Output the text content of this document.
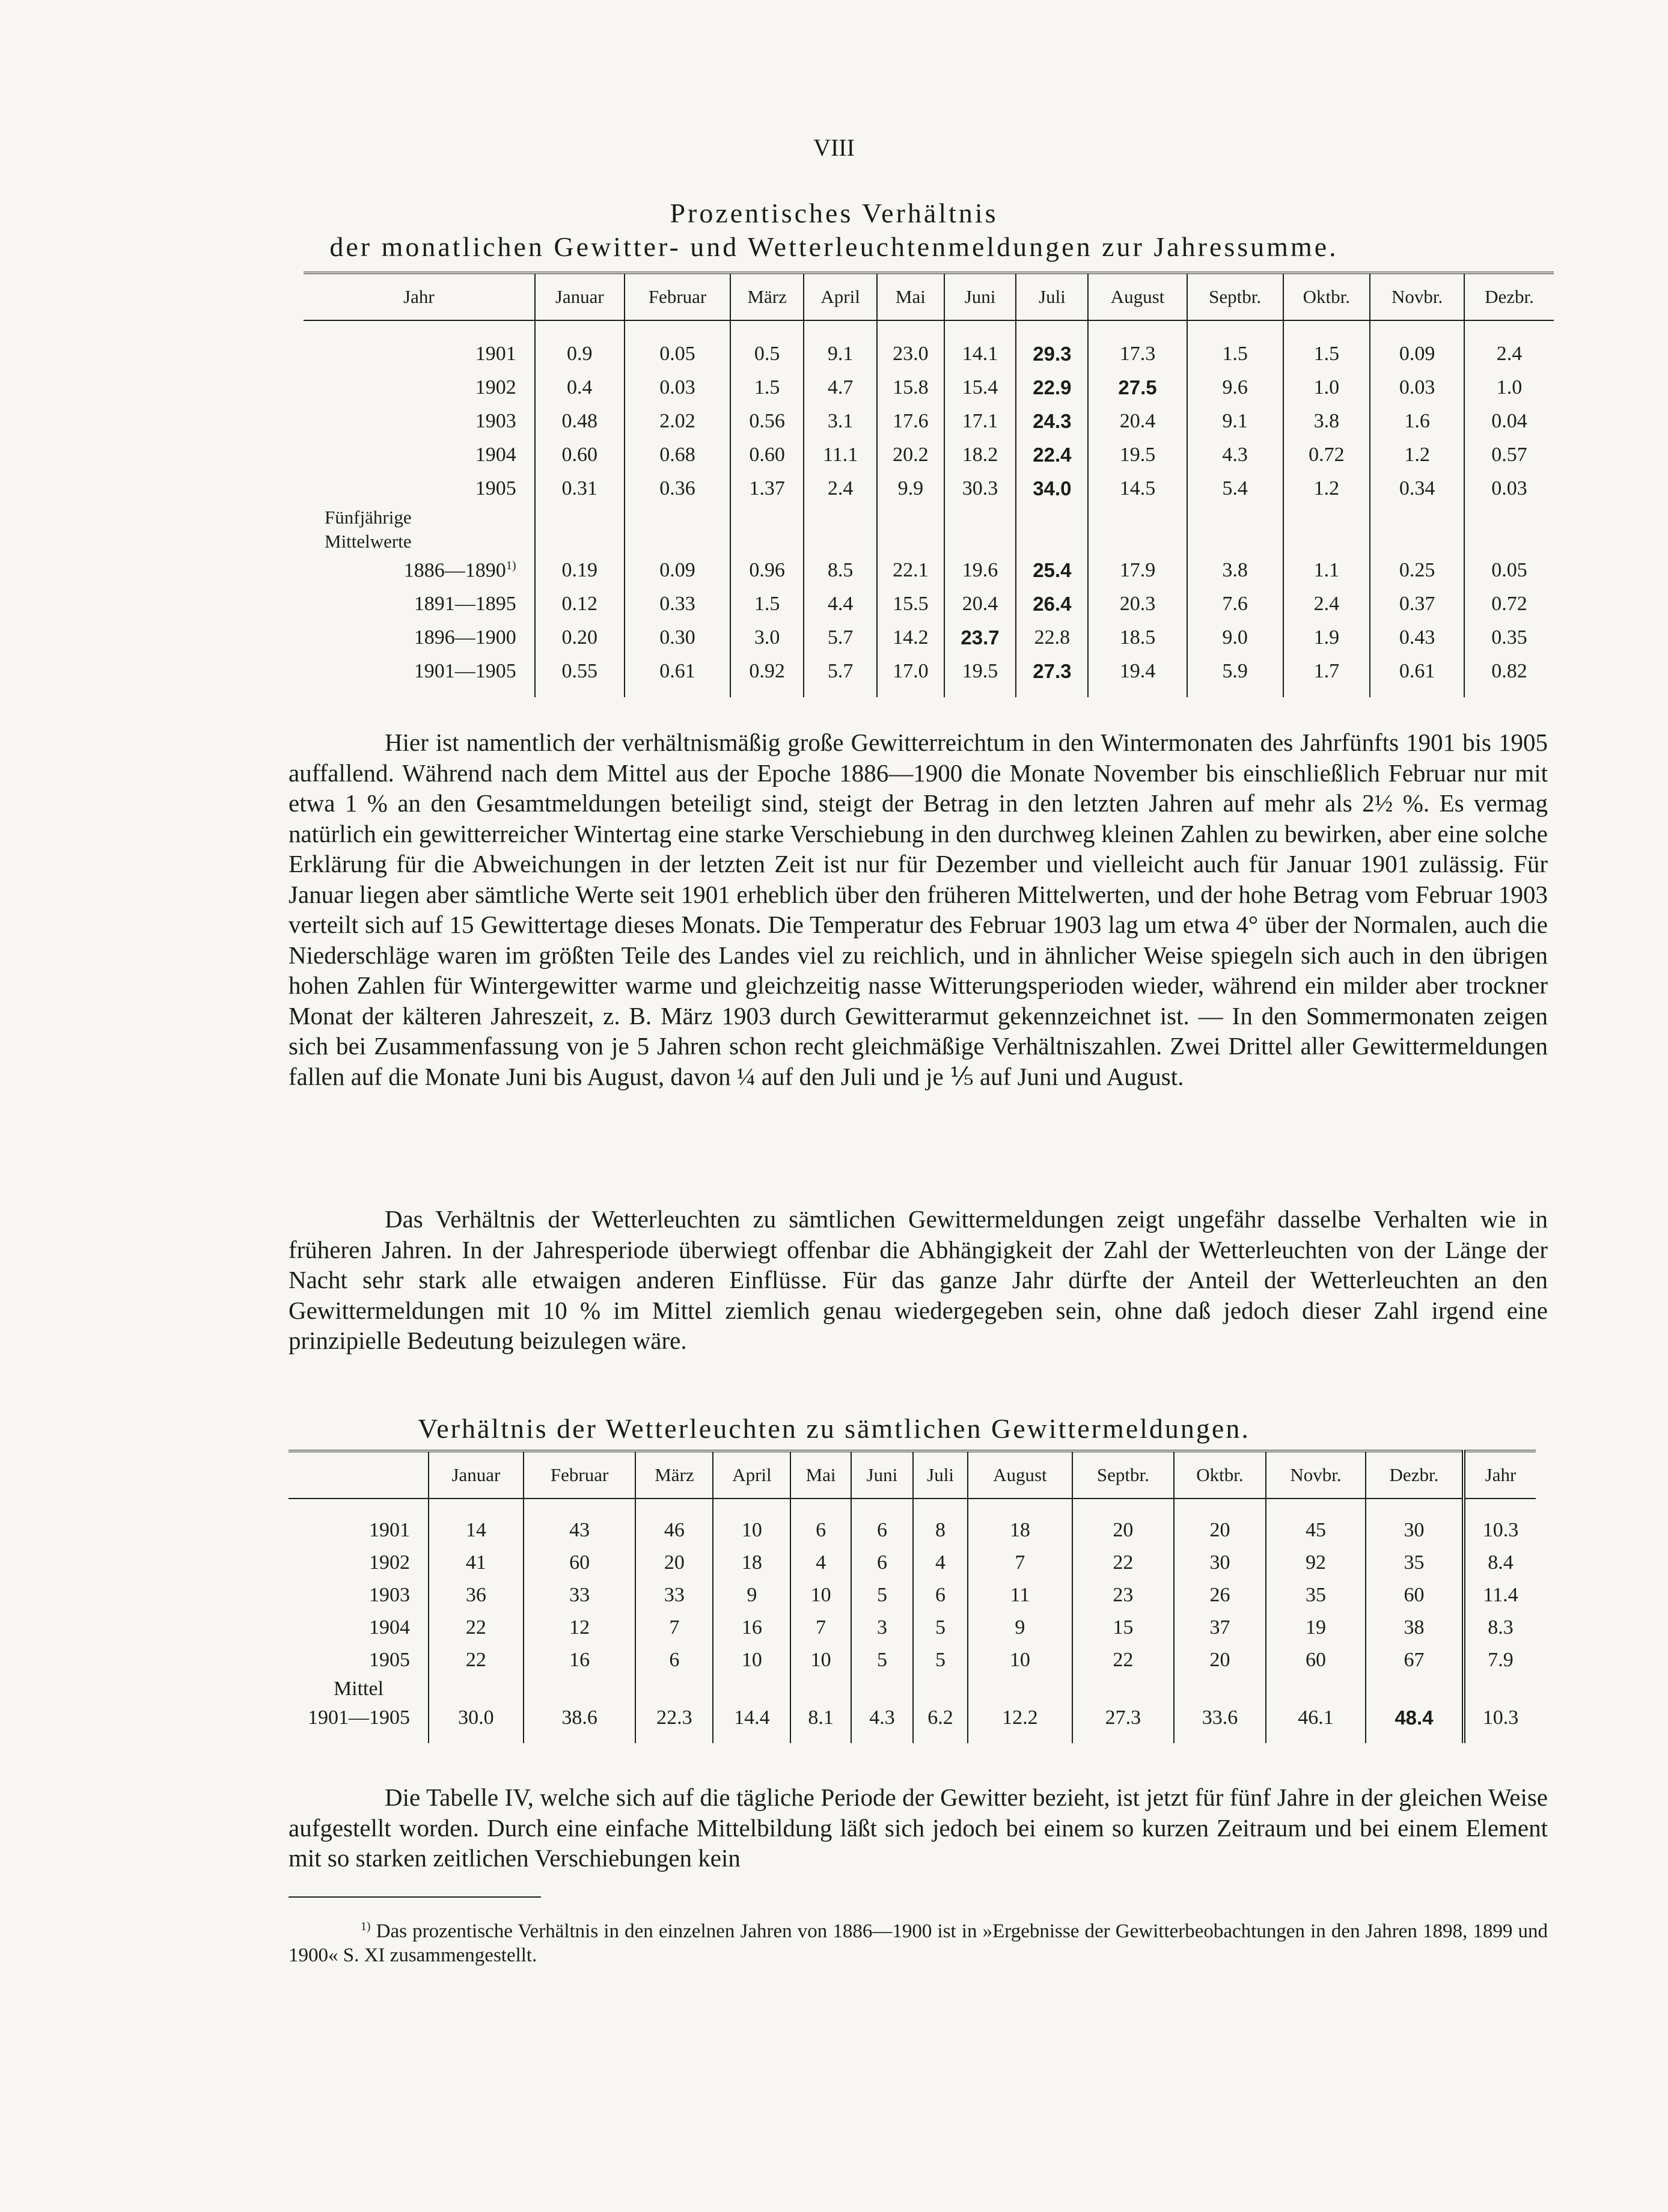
VIII
Prozentisches Verhältnis
der monatlichen Gewitter- und Wetterleuchtenmeldungen zur Jahressumme.
Jahr	Januar	Februar	März	April	Mai	Juni	Juli	August	Septbr.	Oktbr.	Novbr.	Dezbr.
1901	0.9	0.05	0.5	9.1	23.0	14.1	29.3	17.3	1.5	1.5	0.09	2.4
1902	0.4	0.03	1.5	4.7	15.8	15.4	22.9	27.5	9.6	1.0	0.03	1.0
1903	0.48	2.02	0.56	3.1	17.6	17.1	24.3	20.4	9.1	3.8	1.6	0.04
1904	0.60	0.68	0.60	11.1	20.2	18.2	22.4	19.5	4.3	0.72	1.2	0.57
1905	0.31	0.36	1.37	2.4	9.9	30.3	34.0	14.5	5.4	1.2	0.34	0.03
Fünfjährige												
Mittelwerte												
1886—1890$^{1)}$	0.19	0.09	0.96	8.5	22.1	19.6	25.4	17.9	3.8	1.1	0.25	0.05
1891—1895	0.12	0.33	1.5	4.4	15.5	20.4	26.4	20.3	7.6	2.4	0.37	0.72
1896—1900	0.20	0.30	3.0	5.7	14.2	23.7	22.8	18.5	9.0	1.9	0.43	0.35
1901—1905	0.55	0.61	0.92	5.7	17.0	19.5	27.3	19.4	5.9	1.7	0.61	0.82
Hier ist namentlich der verhältnismäßig große Gewitterreichtum in den Wintermonaten des Jahrfünfts 1901 bis 1905 auffallend. Während nach dem Mittel aus der Epoche 1886—1900 die Monate November bis einschließlich Februar nur mit etwa 1 % an den Gesamtmeldungen beteiligt sind, steigt der Betrag in den letzten Jahren auf mehr als 2½ %. Es vermag natürlich ein gewitterreicher Wintertag eine starke Verschiebung in den durchweg kleinen Zahlen zu bewirken, aber eine solche Erklärung für die Abweichungen in der letzten Zeit ist nur für Dezember und vielleicht auch für Januar 1901 zulässig. Für Januar liegen aber sämtliche Werte seit 1901 erheblich über den früheren Mittelwerten, und der hohe Betrag vom Februar 1903 verteilt sich auf 15 Gewittertage dieses Monats. Die Temperatur des Februar 1903 lag um etwa 4° über der Normalen, auch die Niederschläge waren im größten Teile des Landes viel zu reichlich, und in ähnlicher Weise spiegeln sich auch in den übrigen hohen Zahlen für Wintergewitter warme und gleichzeitig nasse Witterungsperioden wieder, während ein milder aber trockner Monat der kälteren Jahreszeit, z. B. März 1903 durch Gewitterarmut gekennzeichnet ist. — In den Sommermonaten zeigen sich bei Zusammenfassung von je 5 Jahren schon recht gleichmäßige Verhältniszahlen. Zwei Drittel aller Gewittermeldungen fallen auf die Monate Juni bis August, davon ¼ auf den Juli und je ⅕ auf Juni und August.
Das Verhältnis der Wetterleuchten zu sämtlichen Gewittermeldungen zeigt ungefähr dasselbe Verhalten wie in früheren Jahren. In der Jahresperiode überwiegt offenbar die Abhängigkeit der Zahl der Wetterleuchten von der Länge der Nacht sehr stark alle etwaigen anderen Einflüsse. Für das ganze Jahr dürfte der Anteil der Wetterleuchten an den Gewittermeldungen mit 10 % im Mittel ziemlich genau wiedergegeben sein, ohne daß jedoch dieser Zahl irgend eine prinzipielle Bedeutung beizulegen wäre.
Verhältnis der Wetterleuchten zu sämtlichen Gewittermeldungen.
	Januar	Februar	März	April	Mai	Juni	Juli	August	Septbr.	Oktbr.	Novbr.	Dezbr.	Jahr
1901	14	43	46	10	6	6	8	18	20	20	45	30	10.3
1902	41	60	20	18	4	6	4	7	22	30	92	35	8.4
1903	36	33	33	9	10	5	6	11	23	26	35	60	11.4
1904	22	12	7	16	7	3	5	9	15	37	19	38	8.3
1905	22	16	6	10	10	5	5	10	22	20	60	67	7.9
Mittel													
1901—1905	30.0	38.6	22.3	14.4	8.1	4.3	6.2	12.2	27.3	33.6	46.1	48.4	10.3
Die Tabelle IV, welche sich auf die tägliche Periode der Gewitter bezieht, ist jetzt für fünf Jahre in der gleichen Weise aufgestellt worden. Durch eine einfache Mittelbildung läßt sich jedoch bei einem so kurzen Zeitraum und bei einem Element mit so starken zeitlichen Verschiebungen kein
$^{1)}$ Das prozentische Verhältnis in den einzelnen Jahren von 1886—1900 ist in »Ergebnisse der Gewitterbeobachtungen in den Jahren 1898, 1899 und 1900« S. XI zusammengestellt.
